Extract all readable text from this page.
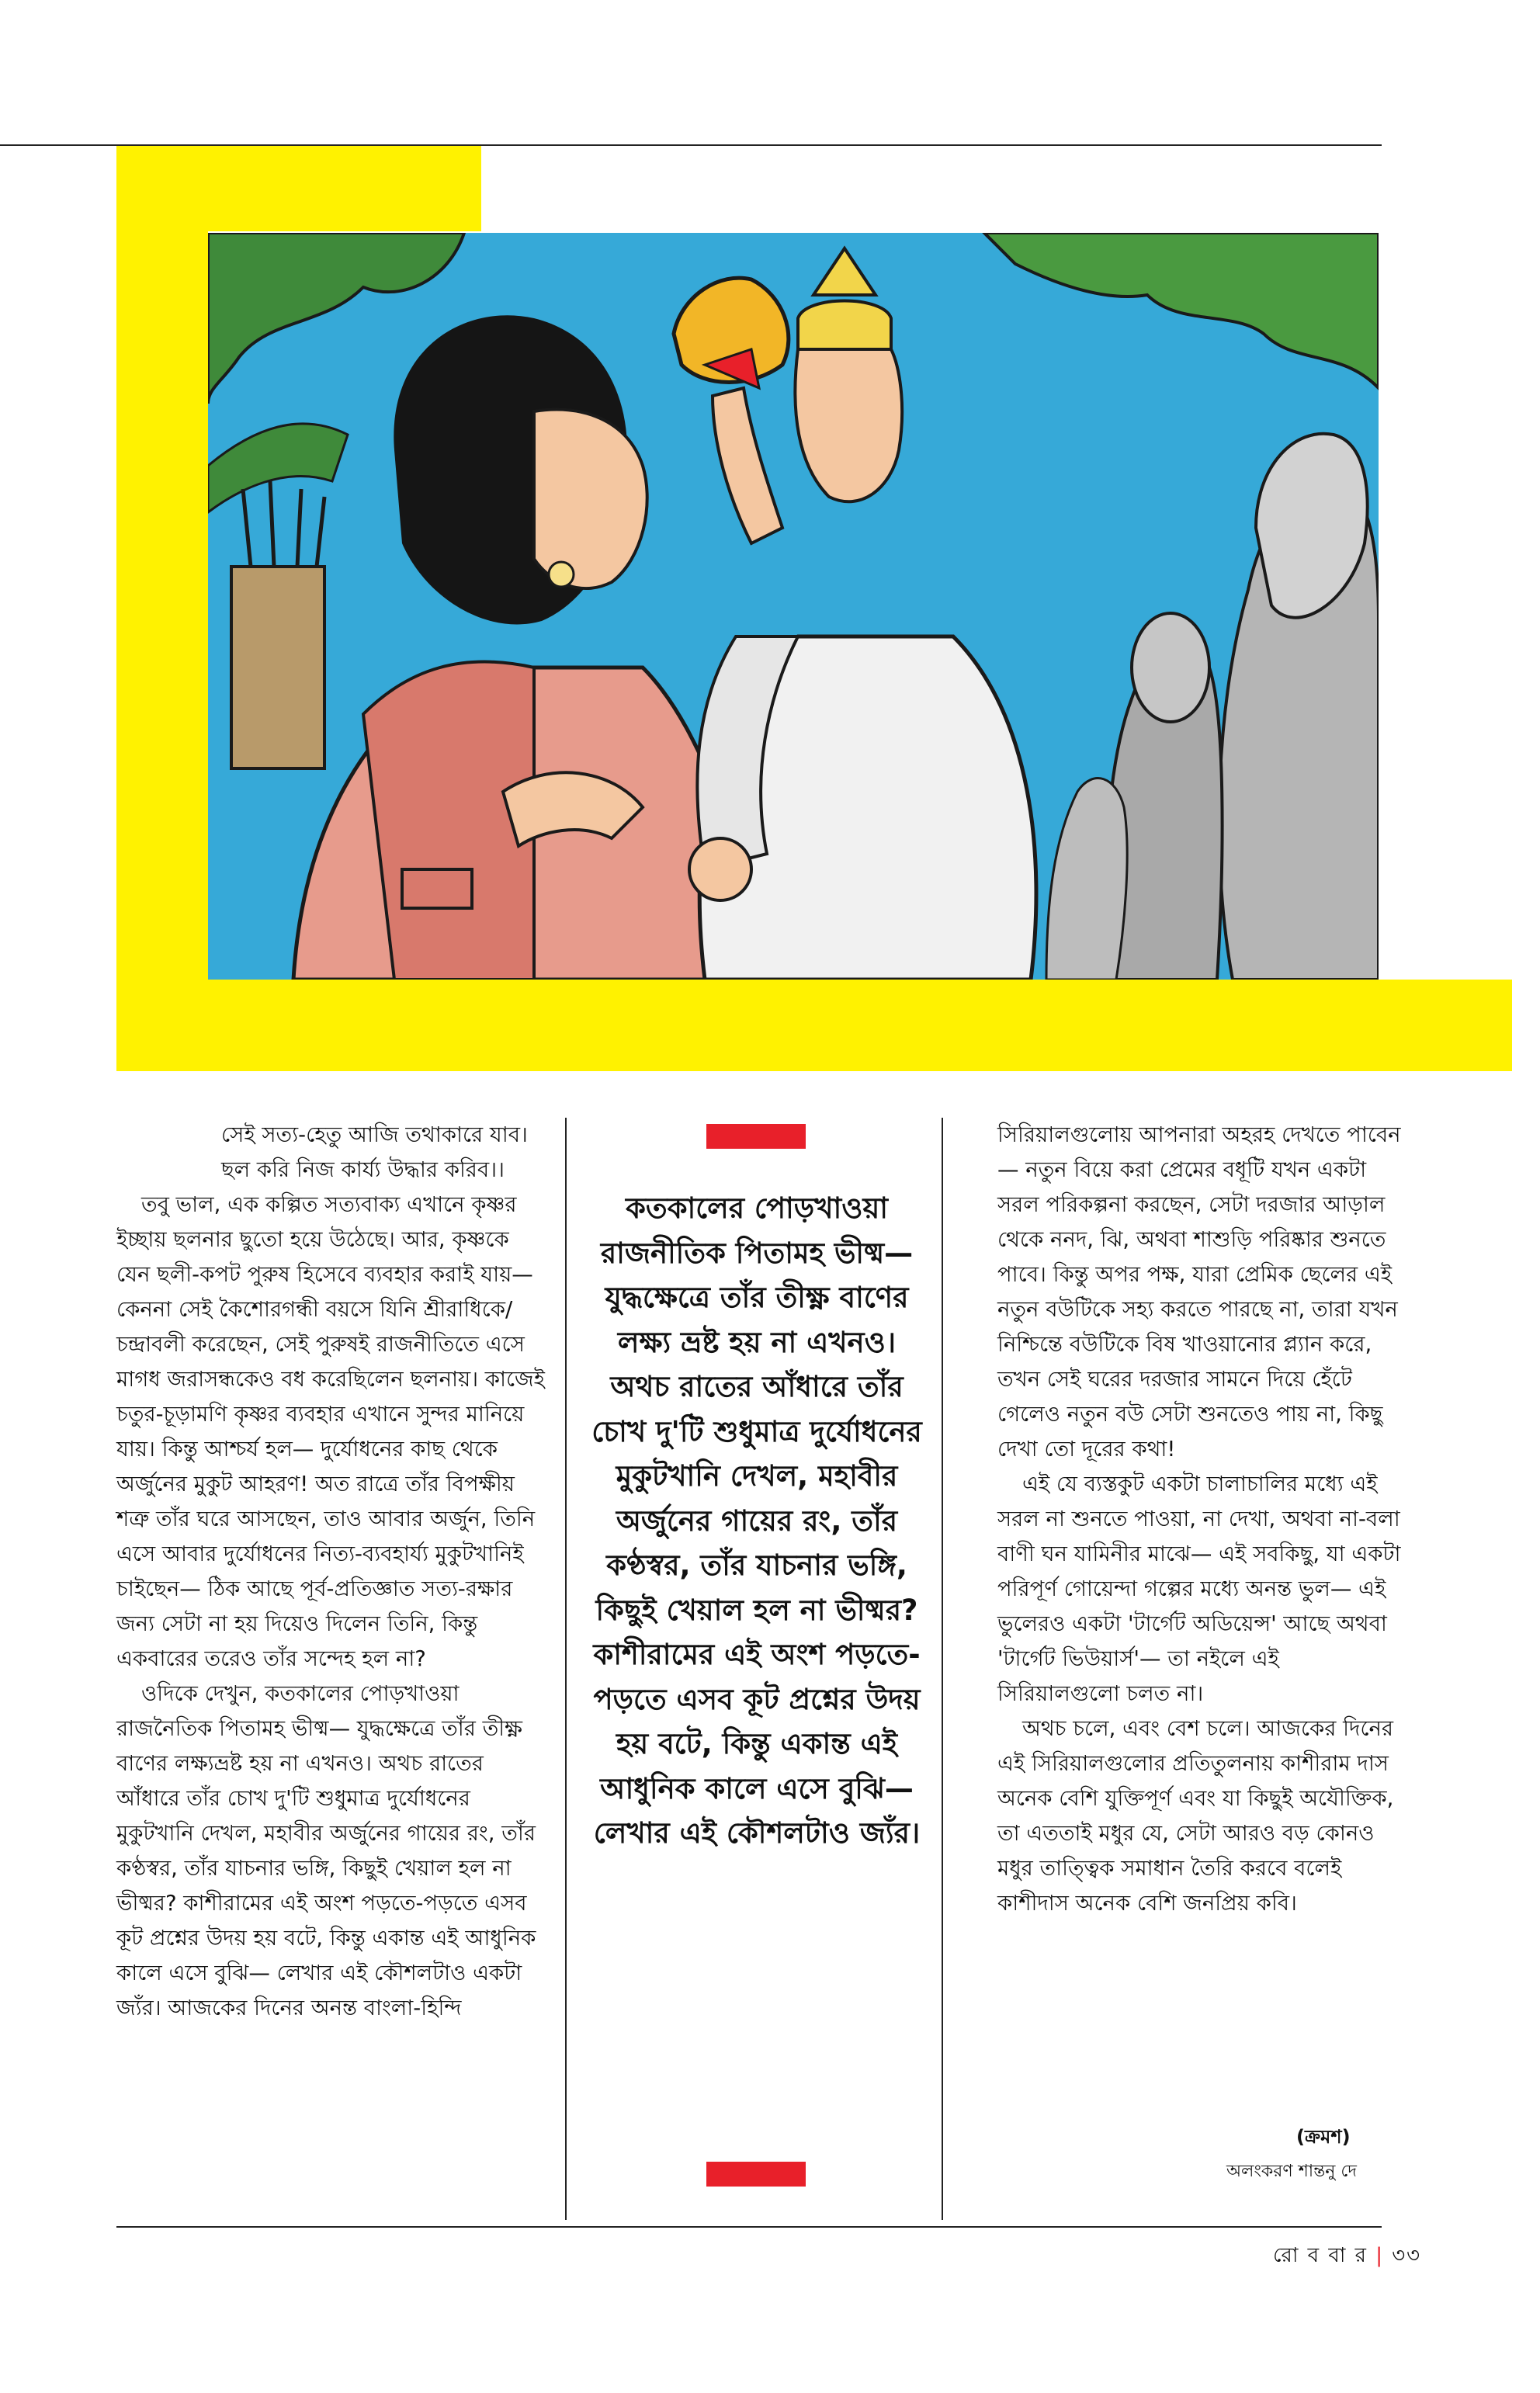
সেই সত্য-হেতু আজি তথাকারে যাব।

ছল করি নিজ কার্য্য উদ্ধার করিব।।

তবু ভাল, এক কল্পিত সত্যবাক্য এখানে কৃষ্ণর ইচ্ছায় ছলনার ছুতো হয়ে উঠেছে। আর, কৃষ্ণকে যেন ছলী-কপট পুরুষ হিসেবে ব্যবহার করাই যায়— কেননা সেই কৈশোরগন্ধী বয়সে যিনি শ্রীরাধিকে/ চন্দ্রাবলী করেছেন, সেই পুরুষই রাজনীতিতে এসে মাগধ জরাসন্ধকেও বধ করেছিলেন ছলনায়। কাজেই চতুর-চূড়ামণি কৃষ্ণর ব্যবহার এখানে সুন্দর মানিয়ে যায়। কিন্তু আশ্চর্য হল— দুর্যোধনের কাছ থেকে অর্জুনের মুকুট আহরণ! অত রাত্রে তাঁর বিপক্ষীয় শত্রু তাঁর ঘরে আসছেন, তাও আবার অর্জুন, তিনি এসে আবার দুর্যোধনের নিত্য-ব্যবহার্য্য মুকুটখানিই চাইছেন— ঠিক আছে পূর্ব-প্রতিজ্ঞাত সত্য-রক্ষার জন্য সেটা না হয় দিয়েও দিলেন তিনি, কিন্তু একবারের তরেও তাঁর সন্দেহ হল না?

ওদিকে দেখুন, কতকালের পোড়খাওয়া রাজনৈতিক পিতামহ ভীষ্ম— যুদ্ধক্ষেত্রে তাঁর তীক্ষ্ণ বাণের লক্ষ্যভ্রষ্ট হয় না এখনও। অথচ রাতের আঁধারে তাঁর চোখ দু'টি শুধুমাত্র দুর্যোধনের মুকুটখানি দেখল, মহাবীর অর্জুনের গায়ের রং, তাঁর কণ্ঠস্বর, তাঁর যাচনার ভঙ্গি, কিছুই খেয়াল হল না ভীষ্মর? কাশীরামের এই অংশ পড়তে-পড়তে এসব কূট প্রশ্নের উদয় হয় বটে, কিন্তু একান্ত এই আধুনিক কালে এসে বুঝি— লেখার এই কৌশলটাও একটা জ্যঁর। আজকের দিনের অনন্ত বাংলা-হিন্দি

কতকালের পোড়খাওয়া রাজনীতিক পিতামহ ভীষ্ম— যুদ্ধক্ষেত্রে তাঁর তীক্ষ্ণ বাণের লক্ষ্য ভ্রষ্ট হয় না এখনও। অথচ রাতের আঁধারে তাঁর চোখ দু'টি শুধুমাত্র দুর্যোধনের মুকুটখানি দেখল, মহাবীর অর্জুনের গায়ের রং, তাঁর কণ্ঠস্বর, তাঁর যাচনার ভঙ্গি, কিছুই খেয়াল হল না ভীষ্মর? কাশীরামের এই অংশ পড়তে-পড়তে এসব কূট প্রশ্নের উদয় হয় বটে, কিন্তু একান্ত এই আধুনিক কালে এসে বুঝি— লেখার এই কৌশলটাও জ্যঁর।

সিরিয়ালগুলোয় আপনারা অহরহ দেখতে পাবেন— নতুন বিয়ে করা প্রেমের বধূটি যখন একটা সরল পরিকল্পনা করছেন, সেটা দরজার আড়াল থেকে ননদ, ঝি, অথবা শাশুড়ি পরিষ্কার শুনতে পাবে। কিন্তু অপর পক্ষ, যারা প্রেমিক ছেলের এই নতুন বউটিকে সহ্য করতে পারছে না, তারা যখন নিশ্চিন্তে বউটিকে বিষ খাওয়ানোর প্ল্যান করে, তখন সেই ঘরের দরজার সামনে দিয়ে হেঁটে গেলেও নতুন বউ সেটা শুনতেও পায় না, কিছু দেখা তো দূরের কথা!

এই যে ব্যস্তকুট একটা চালাচালির মধ্যে এই সরল না শুনতে পাওয়া, না দেখা, অথবা না-বলা বাণী ঘন যামিনীর মাঝে— এই সবকিছু, যা একটা পরিপূর্ণ গোয়েন্দা গল্পের মধ্যে অনন্ত ভুল— এই ভুলেরও একটা 'টার্গেট অডিয়েন্স' আছে অথবা 'টার্গেট ভিউয়ার্স'— তা নইলে এই সিরিয়ালগুলো চলত না।

অথচ চলে, এবং বেশ চলে। আজকের দিনের এই সিরিয়ালগুলোর প্রতিতুলনায় কাশীরাম দাস অনেক বেশি যুক্তিপূর্ণ এবং যা কিছুই অযৌক্তিক, তা এততাই মধুর যে, সেটা আরও বড় কোনও মধুর তাত্ত্বিক সমাধান তৈরি করবে বলেই কাশীদাস অনেক বেশি জনপ্রিয় কবি।

(ক্রমশ)
অলংকরণ শান্তনু দে
রো ব বা র | ৩৩
